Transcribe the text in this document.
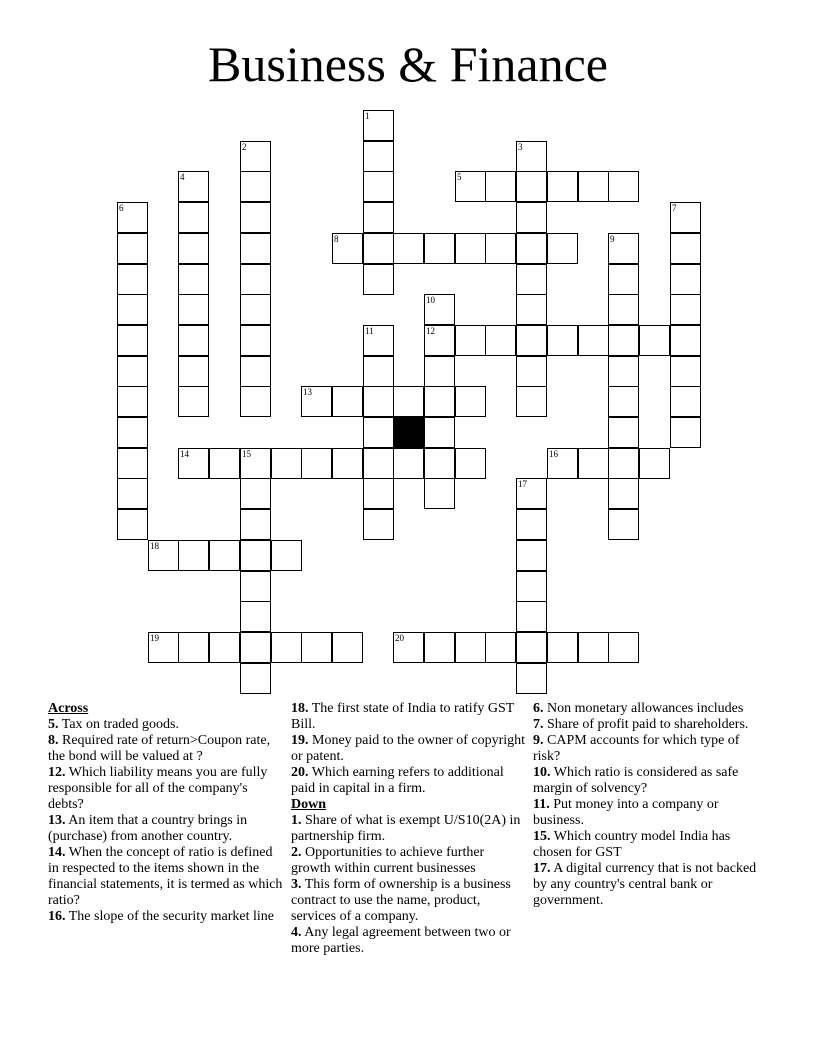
Business & Finance
1
2	3
4	5
6	7
8	9
10
12
11
13
14	15	16
17
18
19	20
Across
5. Tax on traded goods.
8. Required rate of return>Coupon rate, the bond will be valued at ?
12. Which liability means you are fully responsible for all of the company's debts?
13. An item that a country brings in (purchase) from another country.
14. When the concept of ratio is defined in respected to the items shown in the financial statements, it is termed as which ratio?
16. The slope of the security market line
18. The first state of India to ratify GST Bill.
19. Money paid to the owner of copyright or patent.
20. Which earning refers to additional paid in capital in a firm.
Down
1. Share of what is exempt U/S10(2A) in partnership firm.
2. Opportunities to achieve further growth within current businesses
3. This form of ownership is a business contract to use the name, product, services of a company.
4. Any legal agreement between two or more parties.
6. Non monetary allowances includes
7. Share of profit paid to shareholders.
9. CAPM accounts for which type of risk?
10. Which ratio is considered as safe margin of solvency?
11. Put money into a company or business.
15. Which country model India has chosen for GST
17. A digital currency that is not backed by any country's central bank or government.
